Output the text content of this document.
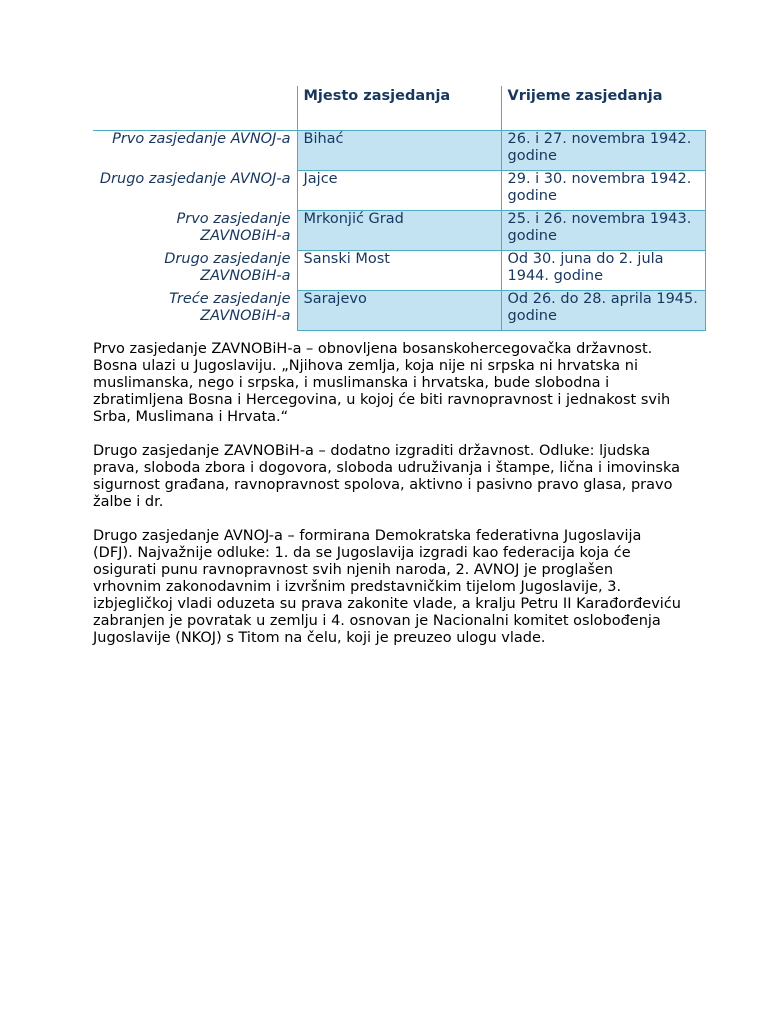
	Mjesto zasjedanja	Vrijeme zasjedanja
Prvo zasjedanje AVNOJ-a	Bihać	26. i 27. novembra 1942. godine
Drugo zasjedanje AVNOJ-a	Jajce	29. i 30. novembra 1942. godine
Prvo zasjedanje ZAVNOBiH-a	Mrkonjić Grad	25. i 26. novembra 1943. godine
Drugo zasjedanje ZAVNOBiH-a	Sanski Most	Od 30. juna do 2. jula 1944. godine
Treće zasjedanje ZAVNOBiH-a	Sarajevo	Od 26. do 28. aprila 1945. godine

Prvo zasjedanje ZAVNOBiH-a – obnovljena bosanskohercegovačka državnost. Bosna ulazi u Jugoslaviju. „Njihova zemlja, koja nije ni srpska ni hrvatska ni muslimanska, nego i srpska, i muslimanska i hrvatska, bude slobodna i zbratimljena Bosna i Hercegovina, u kojoj će biti ravnopravnost i jednakost svih Srba, Muslimana i Hrvata.“

Drugo zasjedanje ZAVNOBiH-a – dodatno izgraditi državnost. Odluke: ljudska prava, sloboda zbora i dogovora, sloboda udruživanja i štampe, lična i imovinska sigurnost građana, ravnopravnost spolova, aktivno i pasivno pravo glasa, pravo žalbe i dr.

Drugo zasjedanje AVNOJ-a – formirana Demokratska federativna Jugoslavija (DFJ). Najvažnije odluke: 1. da se Jugoslavija izgradi kao federacija koja će osigurati punu ravnopravnost svih njenih naroda, 2. AVNOJ je proglašen vrhovnim zakonodavnim i izvršnim predstavničkim tijelom Jugoslavije, 3. izbjegličkoj vladi oduzeta su prava zakonite vlade, a kralju Petru II Karađorđeviću zabranjen je povratak u zemlju i 4. osnovan je Nacionalni komitet oslobođenja Jugoslavije (NKOJ) s Titom na čelu, koji je preuzeo ulogu vlade.
